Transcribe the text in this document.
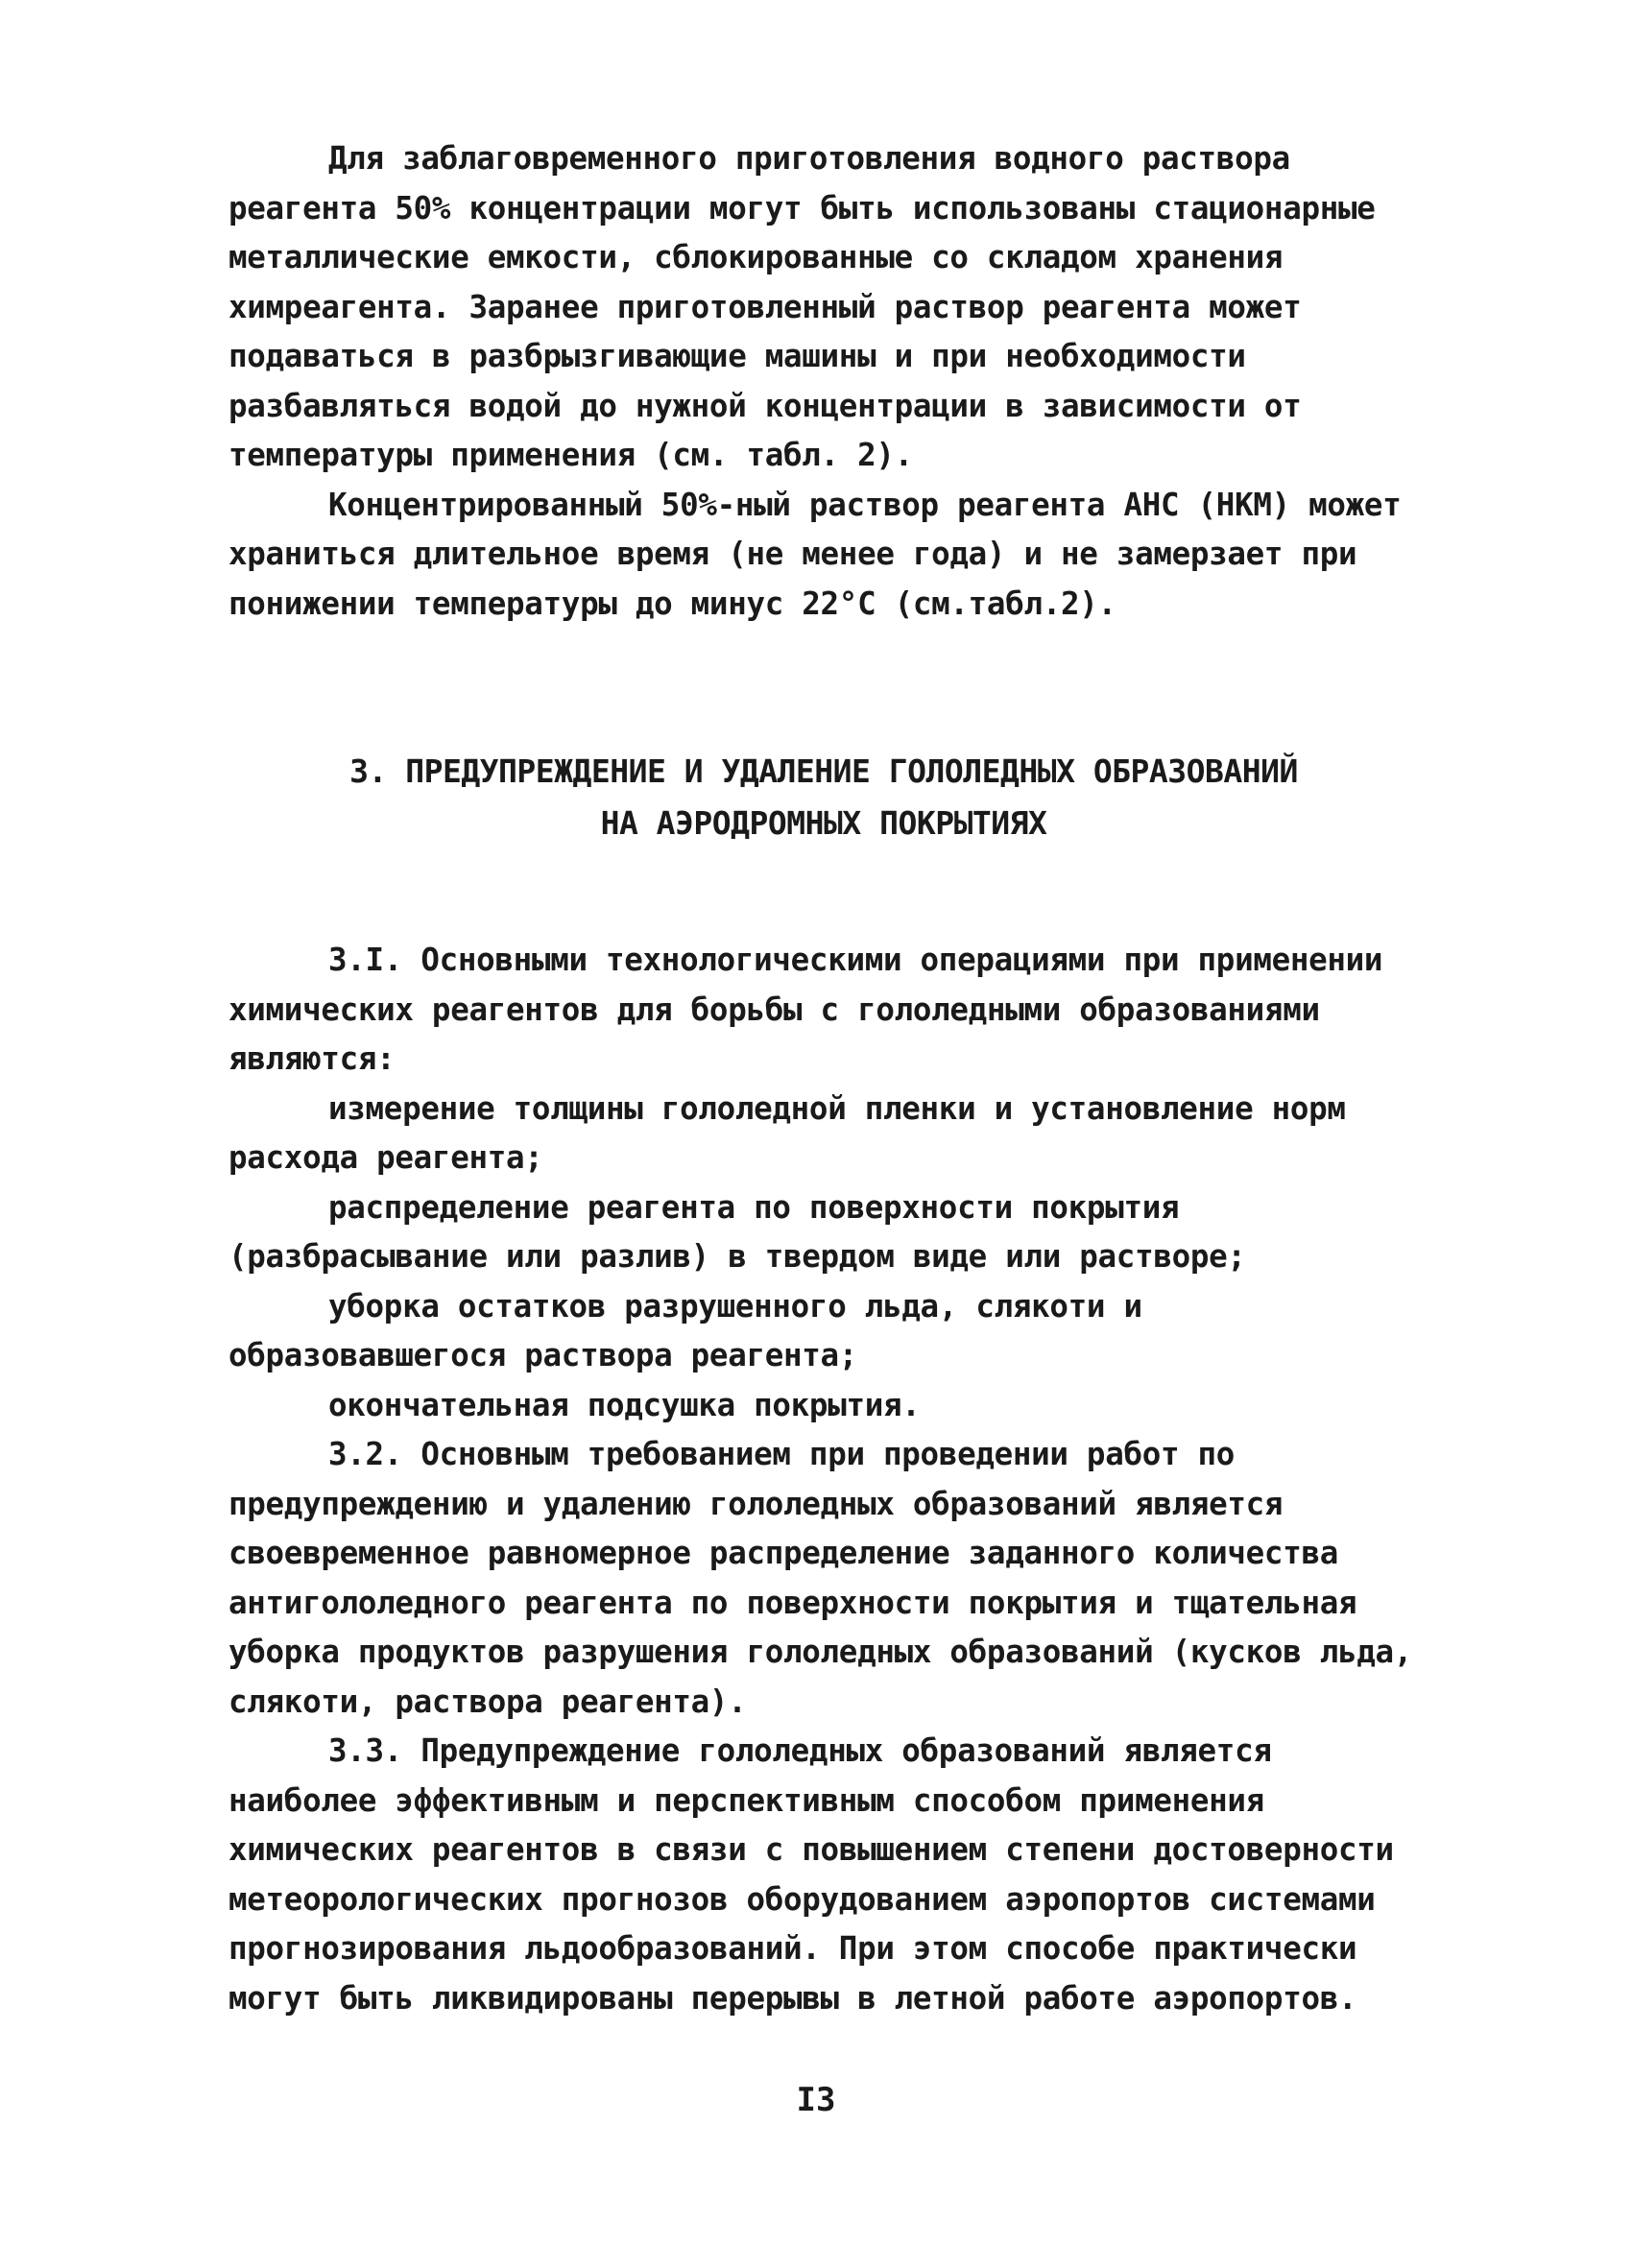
Для заблаговременного приготовления водного раствора реагента 50% концентрации могут быть использованы стационарные металлические емкости, сблокированные со складом хранения химреагента. Заранее приготовленный раствор реагента может подаваться в разбрызгивающие машины и при необходимости разбавляться водой до нужной концентрации в зависимости от температуры применения (см. табл. 2).

Концентрированный 50%-ный раствор реагента АНС (НКМ) может храниться длительное время (не менее года) и не замерзает при понижении температуры до минус 22°С (см.табл.2).

3. ПРЕДУПРЕЖДЕНИЕ И УДАЛЕНИЕ ГОЛОЛЕДНЫХ ОБРАЗОВАНИЙ
НА АЭРОДРОМНЫХ ПОКРЫТИЯХ

3.I. Основными технологическими операциями при применении химических реагентов для борьбы с гололедными образованиями являются:

измерение толщины гололедной пленки и установление норм расхода реагента;

распределение реагента по поверхности покрытия (разбрасывание или разлив) в твердом виде или растворе;

уборка остатков разрушенного льда, слякоти и образовавшегося раствора реагента;

окончательная подсушка покрытия.

3.2. Основным требованием при проведении работ по предупреждению и удалению гололедных образований является своевременное равномерное распределение заданного количества антигололедного реагента по поверхности покрытия и тщательная уборка продуктов разрушения гололедных образований (кусков льда, слякоти, раствора реагента).

3.3. Предупреждение гололедных образований является наиболее эффективным и перспективным способом применения химических реагентов в связи с повышением степени достоверности метеорологических прогнозов оборудованием аэропортов системами прогнозирования льдообразований. При этом способе практически могут быть ликвидированы перерывы в летной работе аэропортов.

I3
